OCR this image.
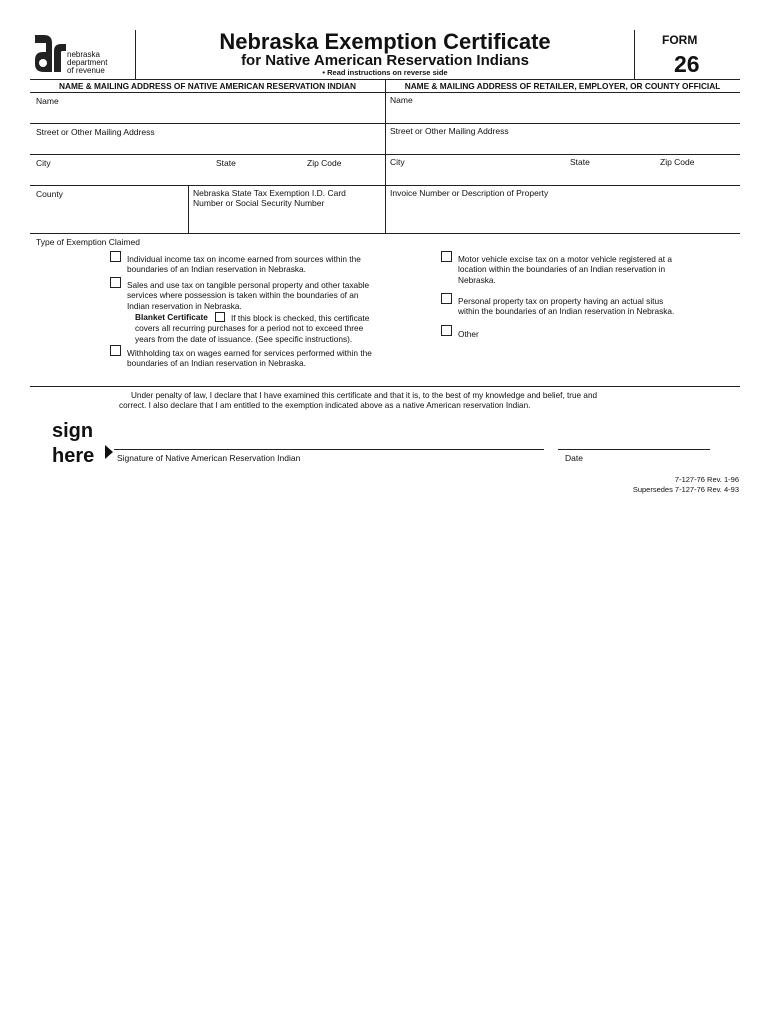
nebraska
department
of revenue
Nebraska Exemption Certificate
for Native American Reservation Indians
• Read instructions on reverse side
FORM
26
NAME & MAILING ADDRESS OF NATIVE AMERICAN RESERVATION INDIAN	NAME & MAILING ADDRESS OF RETAILER, EMPLOYER, OR COUNTY OFFICIAL
Name
Street or Other Mailing Address
City	State	Zip Code
County	Nebraska State Tax Exemption I.D. Card
Number or Social Security Number
Name
Street or Other Mailing Address
City	State	Zip Code
Invoice Number or Description of Property
Type of Exemption Claimed
Individual income tax on income earned from sources within the
boundaries of an Indian reservation in Nebraska.
Sales and use tax on tangible personal property and other taxable
services where possession is taken within the boundaries of an
Indian reservation in Nebraska.
Blanket Certificate	If this block is checked, this certificate
covers all recurring purchases for a period not to exceed three
years from the date of issuance. (See specific instructions).
Withholding tax on wages earned for services performed within the
boundaries of an Indian reservation in Nebraska.
Motor vehicle excise tax on a motor vehicle registered at a
location within the boundaries of an Indian reservation in
Nebraska.
Personal property tax on property having an actual situs
within the boundaries of an Indian reservation in Nebraska.
Other
Under penalty of law, I declare that I have examined this certificate and that it is, to the best of my knowledge and belief, true and
correct. I also declare that I am entitled to the exemption indicated above as a native American reservation Indian.
sign
here	Signature of Native American Reservation Indian	Date
7-127-76 Rev. 1-96
Supersedes 7-127-76 Rev. 4-93
